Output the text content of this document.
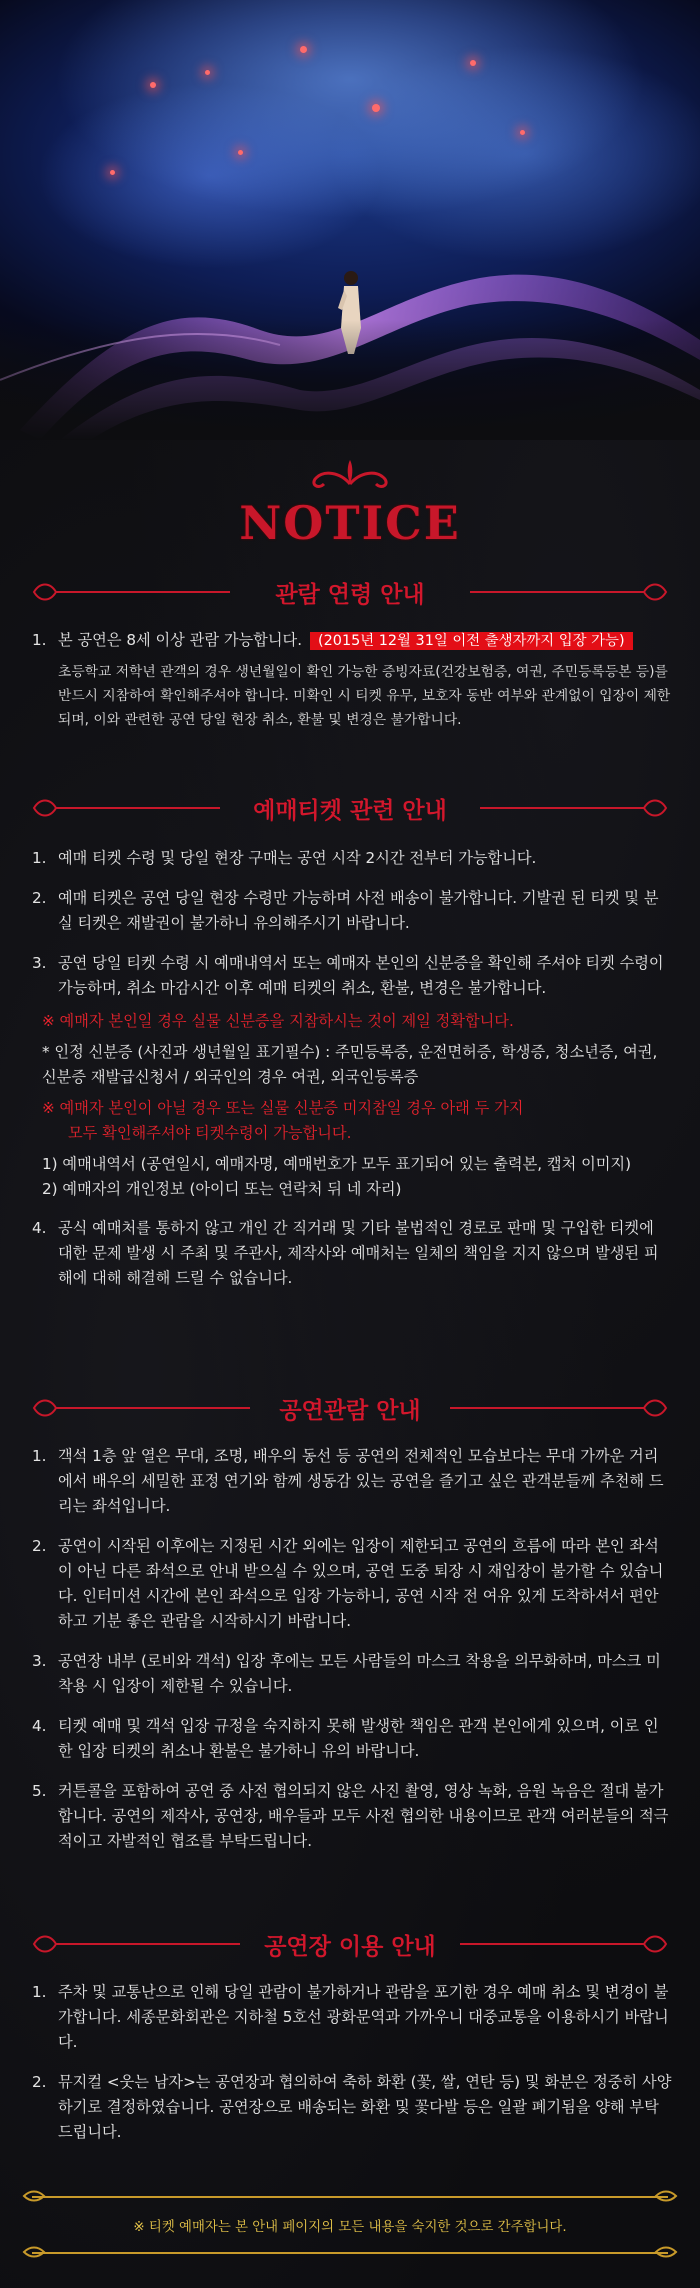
NOTICE
관람 연령 안내
1. 본 공연은 8세 이상 관람 가능합니다. (2015년 12월 31일 이전 출생자까지 입장 가능)
초등학교 저학년 관객의 경우 생년월일이 확인 가능한 증빙자료(건강보험증, 여권, 주민등록등본 등)를 반드시 지참하여 확인해주셔야 합니다. 미확인 시 티켓 유무, 보호자 동반 여부와 관계없이 입장이 제한되며, 이와 관련한 공연 당일 현장 취소, 환불 및 변경은 불가합니다.
예매티켓 관련 안내
1. 예매 티켓 수령 및 당일 현장 구매는 공연 시작 2시간 전부터 가능합니다.
2. 예매 티켓은 공연 당일 현장 수령만 가능하며 사전 배송이 불가합니다. 기발권 된 티켓 및 분실 티켓은 재발권이 불가하니 유의해주시기 바랍니다.
3. 공연 당일 티켓 수령 시 예매내역서 또는 예매자 본인의 신분증을 확인해 주셔야 티켓 수령이 가능하며, 취소 마감시간 이후 예매 티켓의 취소, 환불, 변경은 불가합니다.
※ 예매자 본인일 경우 실물 신분증을 지참하시는 것이 제일 정확합니다.
* 인정 신분증 (사진과 생년월일 표기필수) : 주민등록증, 운전면허증, 학생증, 청소년증, 여권, 신분증 재발급신청서 / 외국인의 경우 여권, 외국인등록증
※ 예매자 본인이 아닐 경우 또는 실물 신분증 미지참일 경우 아래 두 가지
모두 확인해주셔야 티켓수령이 가능합니다.
1) 예매내역서 (공연일시, 예매자명, 예매번호가 모두 표기되어 있는 출력본, 캡처 이미지)
2) 예매자의 개인정보 (아이디 또는 연락처 뒤 네 자리)
4. 공식 예매처를 통하지 않고 개인 간 직거래 및 기타 불법적인 경로로 판매 및 구입한 티켓에 대한 문제 발생 시 주최 및 주관사, 제작사와 예매처는 일체의 책임을 지지 않으며 발생된 피해에 대해 해결해 드릴 수 없습니다.
공연관람 안내
1. 객석 1층 앞 열은 무대, 조명, 배우의 동선 등 공연의 전체적인 모습보다는 무대 가까운 거리에서 배우의 세밀한 표정 연기와 함께 생동감 있는 공연을 즐기고 싶은 관객분들께 추천해 드리는 좌석입니다.
2. 공연이 시작된 이후에는 지정된 시간 외에는 입장이 제한되고 공연의 흐름에 따라 본인 좌석이 아닌 다른 좌석으로 안내 받으실 수 있으며, 공연 도중 퇴장 시 재입장이 불가할 수 있습니다. 인터미션 시간에 본인 좌석으로 입장 가능하니, 공연 시작 전 여유 있게 도착하셔서 편안하고 기분 좋은 관람을 시작하시기 바랍니다.
3. 공연장 내부 (로비와 객석) 입장 후에는 모든 사람들의 마스크 착용을 의무화하며, 마스크 미착용 시 입장이 제한될 수 있습니다.
4. 티켓 예매 및 객석 입장 규정을 숙지하지 못해 발생한 책임은 관객 본인에게 있으며, 이로 인한 입장 티켓의 취소나 환불은 불가하니 유의 바랍니다.
5. 커튼콜을 포함하여 공연 중 사전 협의되지 않은 사진 촬영, 영상 녹화, 음원 녹음은 절대 불가합니다. 공연의 제작사, 공연장, 배우들과 모두 사전 협의한 내용이므로 관객 여러분들의 적극적이고 자발적인 협조를 부탁드립니다.
공연장 이용 안내
1. 주차 및 교통난으로 인해 당일 관람이 불가하거나 관람을 포기한 경우 예매 취소 및 변경이 불가합니다. 세종문화회관은 지하철 5호선 광화문역과 가까우니 대중교통을 이용하시기 바랍니다.
2. 뮤지컬 <웃는 남자>는 공연장과 협의하여 축하 화환 (꽃, 쌀, 연탄 등) 및 화분은 정중히 사양하기로 결정하였습니다. 공연장으로 배송되는 화환 및 꽃다발 등은 일괄 폐기됨을 양해 부탁드립니다.
※ 티켓 예매자는 본 안내 페이지의 모든 내용을 숙지한 것으로 간주합니다.
